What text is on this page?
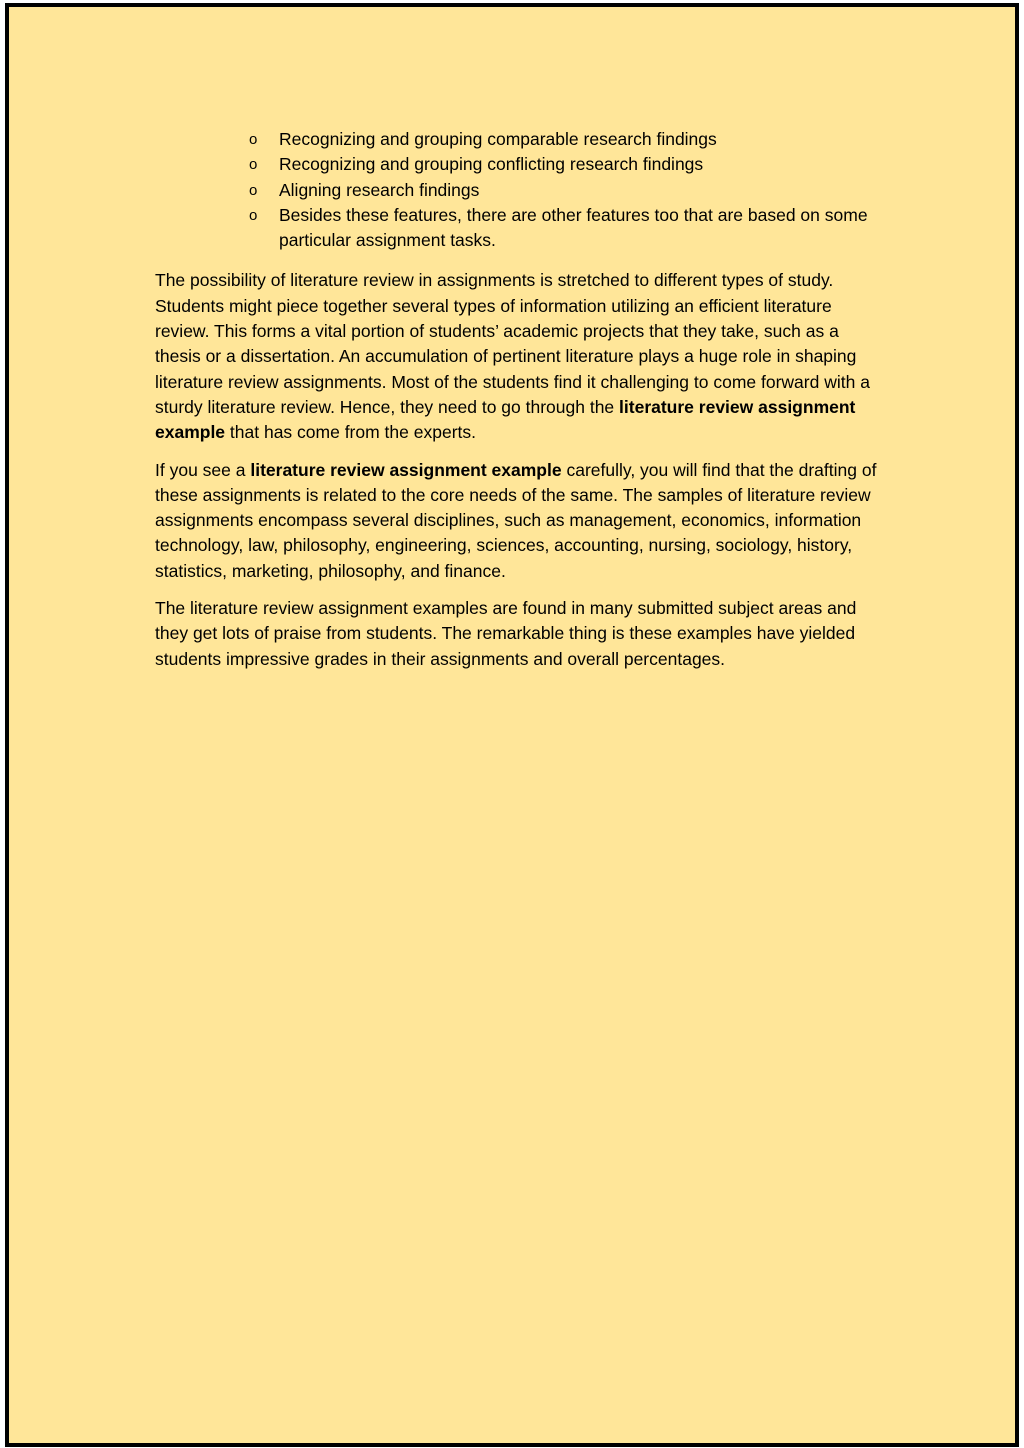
o Recognizing and grouping comparable research findings
o Recognizing and grouping conflicting research findings
o Aligning research findings
o Besides these features, there are other features too that are based on some particular assignment tasks.

The possibility of literature review in assignments is stretched to different types of study. Students might piece together several types of information utilizing an efficient literature review. This forms a vital portion of students’ academic projects that they take, such as a thesis or a dissertation. An accumulation of pertinent literature plays a huge role in shaping literature review assignments. Most of the students find it challenging to come forward with a sturdy literature review. Hence, they need to go through the literature review assignment example that has come from the experts.

If you see a literature review assignment example carefully, you will find that the drafting of these assignments is related to the core needs of the same. The samples of literature review assignments encompass several disciplines, such as management, economics, information technology, law, philosophy, engineering, sciences, accounting, nursing, sociology, history, statistics, marketing, philosophy, and finance.

The literature review assignment examples are found in many submitted subject areas and they get lots of praise from students. The remarkable thing is these examples have yielded students impressive grades in their assignments and overall percentages.
